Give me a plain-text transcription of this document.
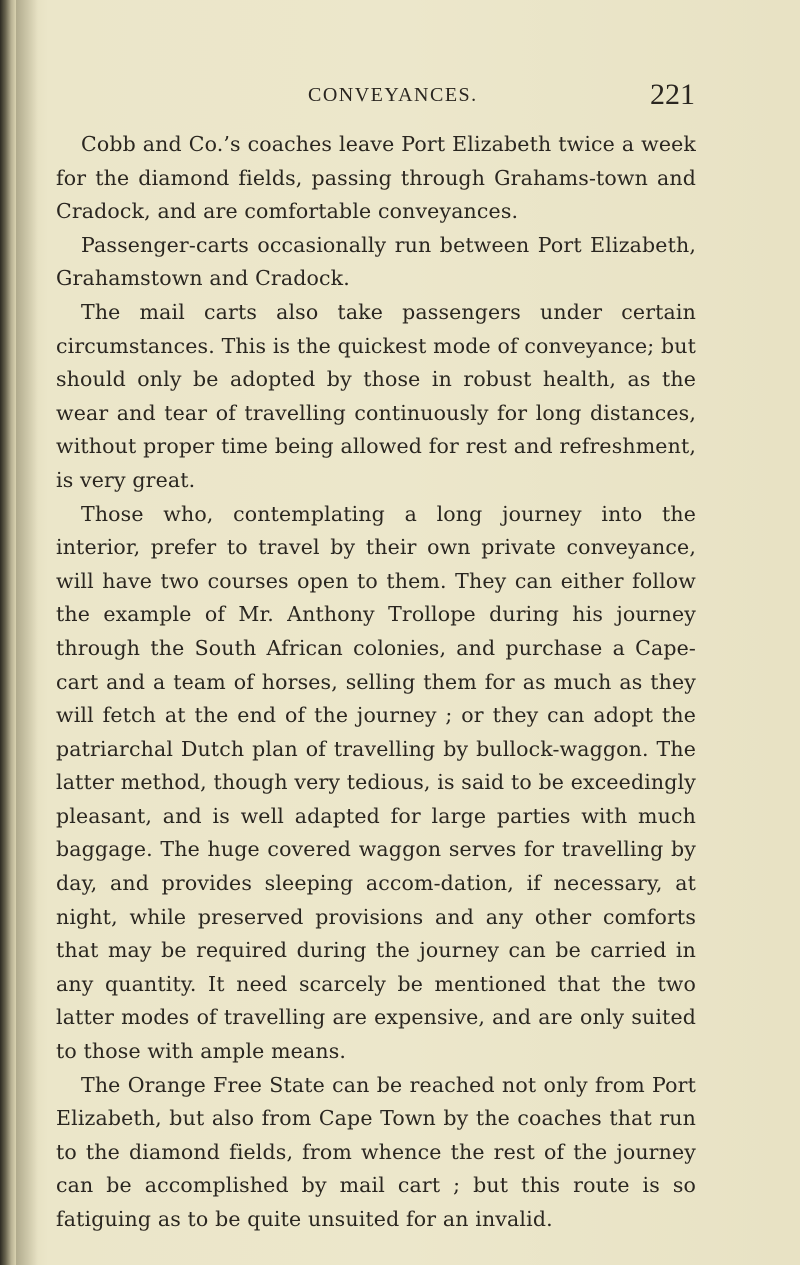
CONVEYANCES.	221

Cobb and Co.’s coaches leave Port Elizabeth twice a week for the diamond fields, passing through Grahams-town and Cradock, and are comfortable conveyances.

Passenger-carts occasionally run between Port Elizabeth, Grahamstown and Cradock.

The mail carts also take passengers under certain circumstances. This is the quickest mode of conveyance; but should only be adopted by those in robust health, as the wear and tear of travelling continuously for long distances, without proper time being allowed for rest and refreshment, is very great.

Those who, contemplating a long journey into the interior, prefer to travel by their own private conveyance, will have two courses open to them. They can either follow the example of Mr. Anthony Trollope during his journey through the South African colonies, and purchase a Cape-cart and a team of horses, selling them for as much as they will fetch at the end of the journey ; or they can adopt the patriarchal Dutch plan of travelling by bullock-waggon. The latter method, though very tedious, is said to be exceedingly pleasant, and is well adapted for large parties with much baggage. The huge covered waggon serves for travelling by day, and provides sleeping accom-dation, if necessary, at night, while preserved provisions and any other comforts that may be required during the journey can be carried in any quantity. It need scarcely be mentioned that the two latter modes of travelling are expensive, and are only suited to those with ample means.

The Orange Free State can be reached not only from Port Elizabeth, but also from Cape Town by the coaches that run to the diamond fields, from whence the rest of the journey can be accomplished by mail cart ; but this route is so fatiguing as to be quite unsuited for an invalid.
